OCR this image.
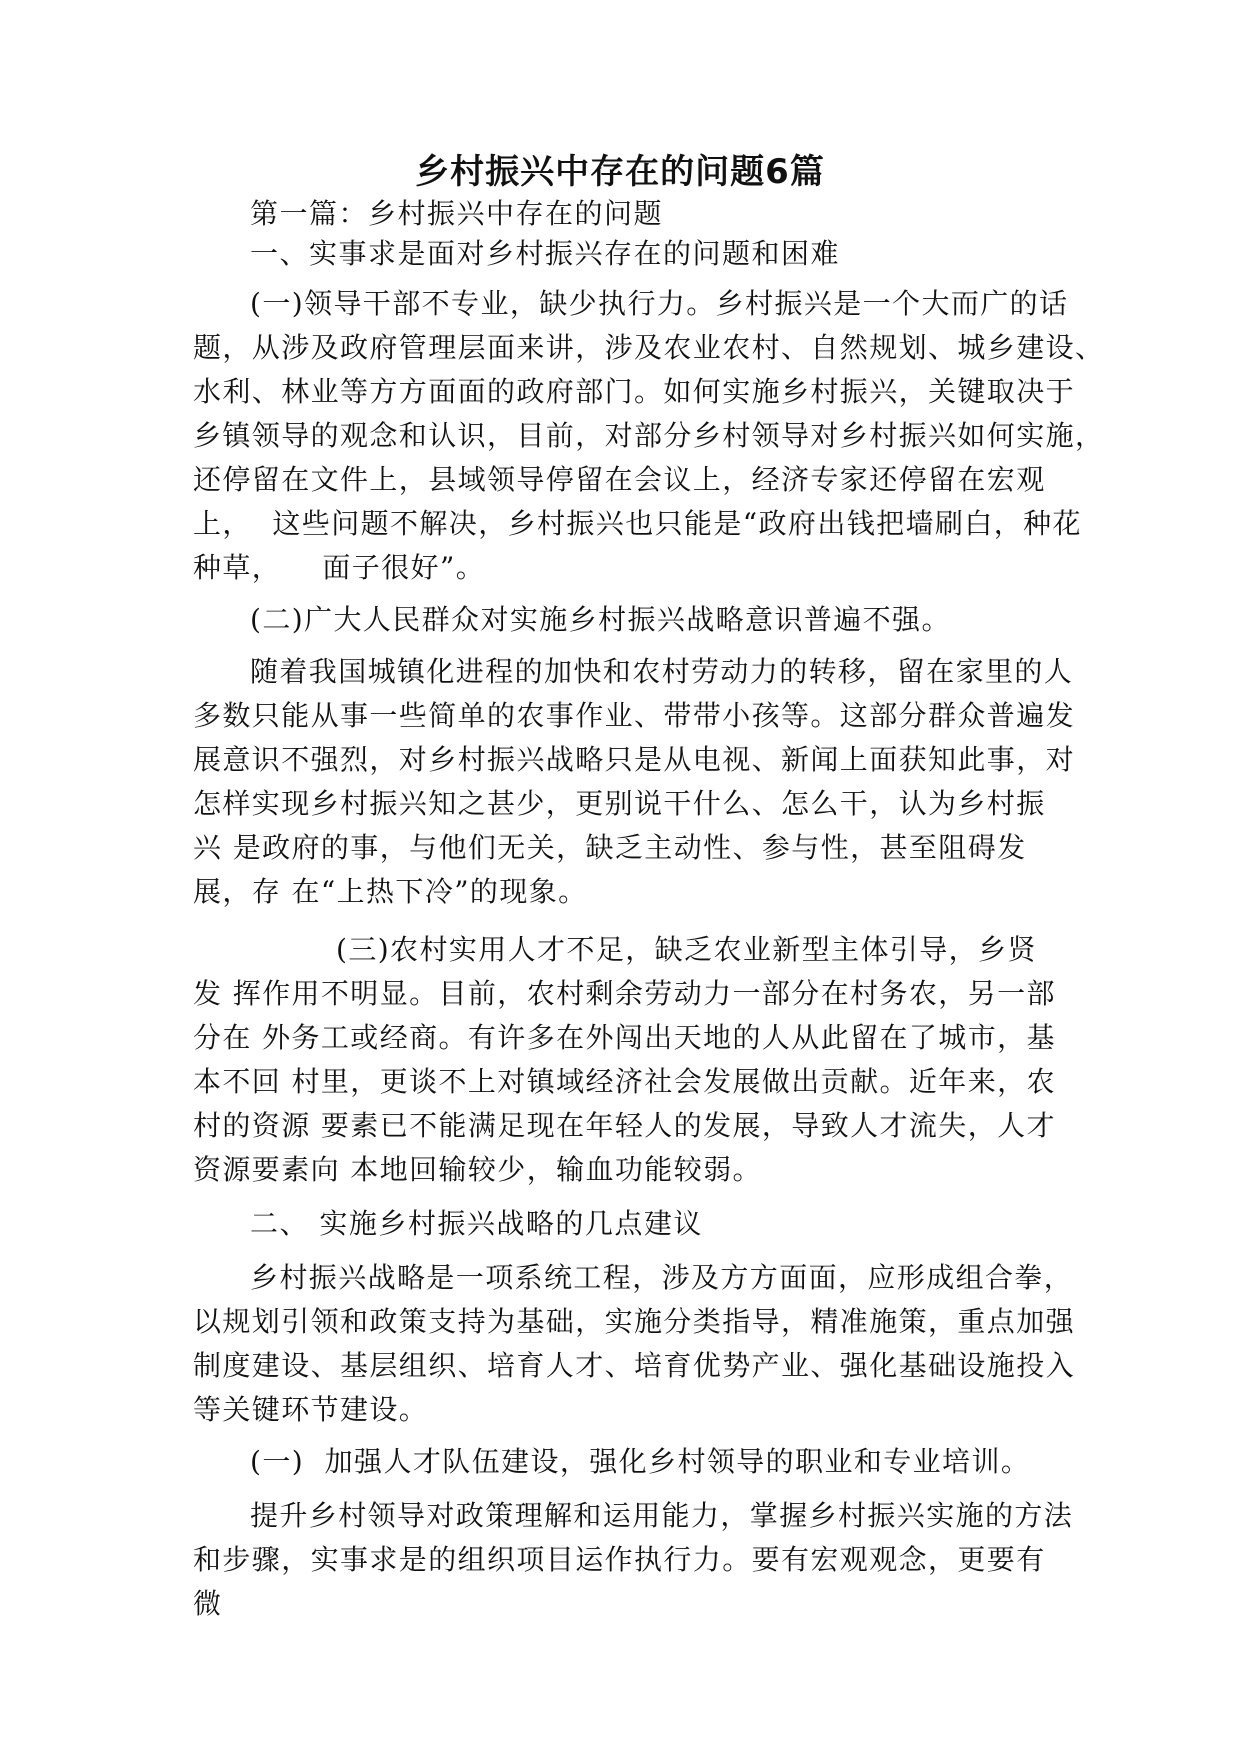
乡村振兴中存在的问题6篇
第一篇：乡村振兴中存在的问题
一、实事求是面对乡村振兴存在的问题和困难
(一)领导干部不专业，缺少执行力。乡村振兴是一个大而广的话
题，从涉及政府管理层面来讲，涉及农业农村、自然规划、城乡建设、
水利、林业等方方面面的政府部门。如何实施乡村振兴，关键取决于
乡镇领导的观念和认识，目前，对部分乡村领导对乡村振兴如何实施，
还停留在文件上，县域领导停留在会议上，经济专家还停留在宏观
上，  这些问题不解决，乡村振兴也只能是“政府出钱把墙刷白，种花
种草，    面子很好”。
(二)广大人民群众对实施乡村振兴战略意识普遍不强。
随着我国城镇化进程的加快和农村劳动力的转移，留在家里的人
多数只能从事一些简单的农事作业、带带小孩等。这部分群众普遍发
展意识不强烈，对乡村振兴战略只是从电视、新闻上面获知此事，对
怎样实现乡村振兴知之甚少，更别说干什么、怎么干，认为乡村振
兴 是政府的事，与他们无关，缺乏主动性、参与性，甚至阻碍发
展，存 在“上热下冷”的现象。
(三)农村实用人才不足，缺乏农业新型主体引导，乡贤
发 挥作用不明显。目前，农村剩余劳动力一部分在村务农，另一部
分在 外务工或经商。有许多在外闯出天地的人从此留在了城市，基
本不回 村里，更谈不上对镇域经济社会发展做出贡献。近年来，农
村的资源 要素已不能满足现在年轻人的发展，导致人才流失，人才
资源要素向 本地回输较少，输血功能较弱。
二、 实施乡村振兴战略的几点建议
乡村振兴战略是一项系统工程，涉及方方面面，应形成组合拳，
以规划引领和政策支持为基础，实施分类指导，精准施策，重点加强
制度建设、基层组织、培育人才、培育优势产业、强化基础设施投入
等关键环节建设。
(一)  加强人才队伍建设，强化乡村领导的职业和专业培训。
提升乡村领导对政策理解和运用能力，掌握乡村振兴实施的方法
和步骤，实事求是的组织项目运作执行力。要有宏观观念，更要有
微
